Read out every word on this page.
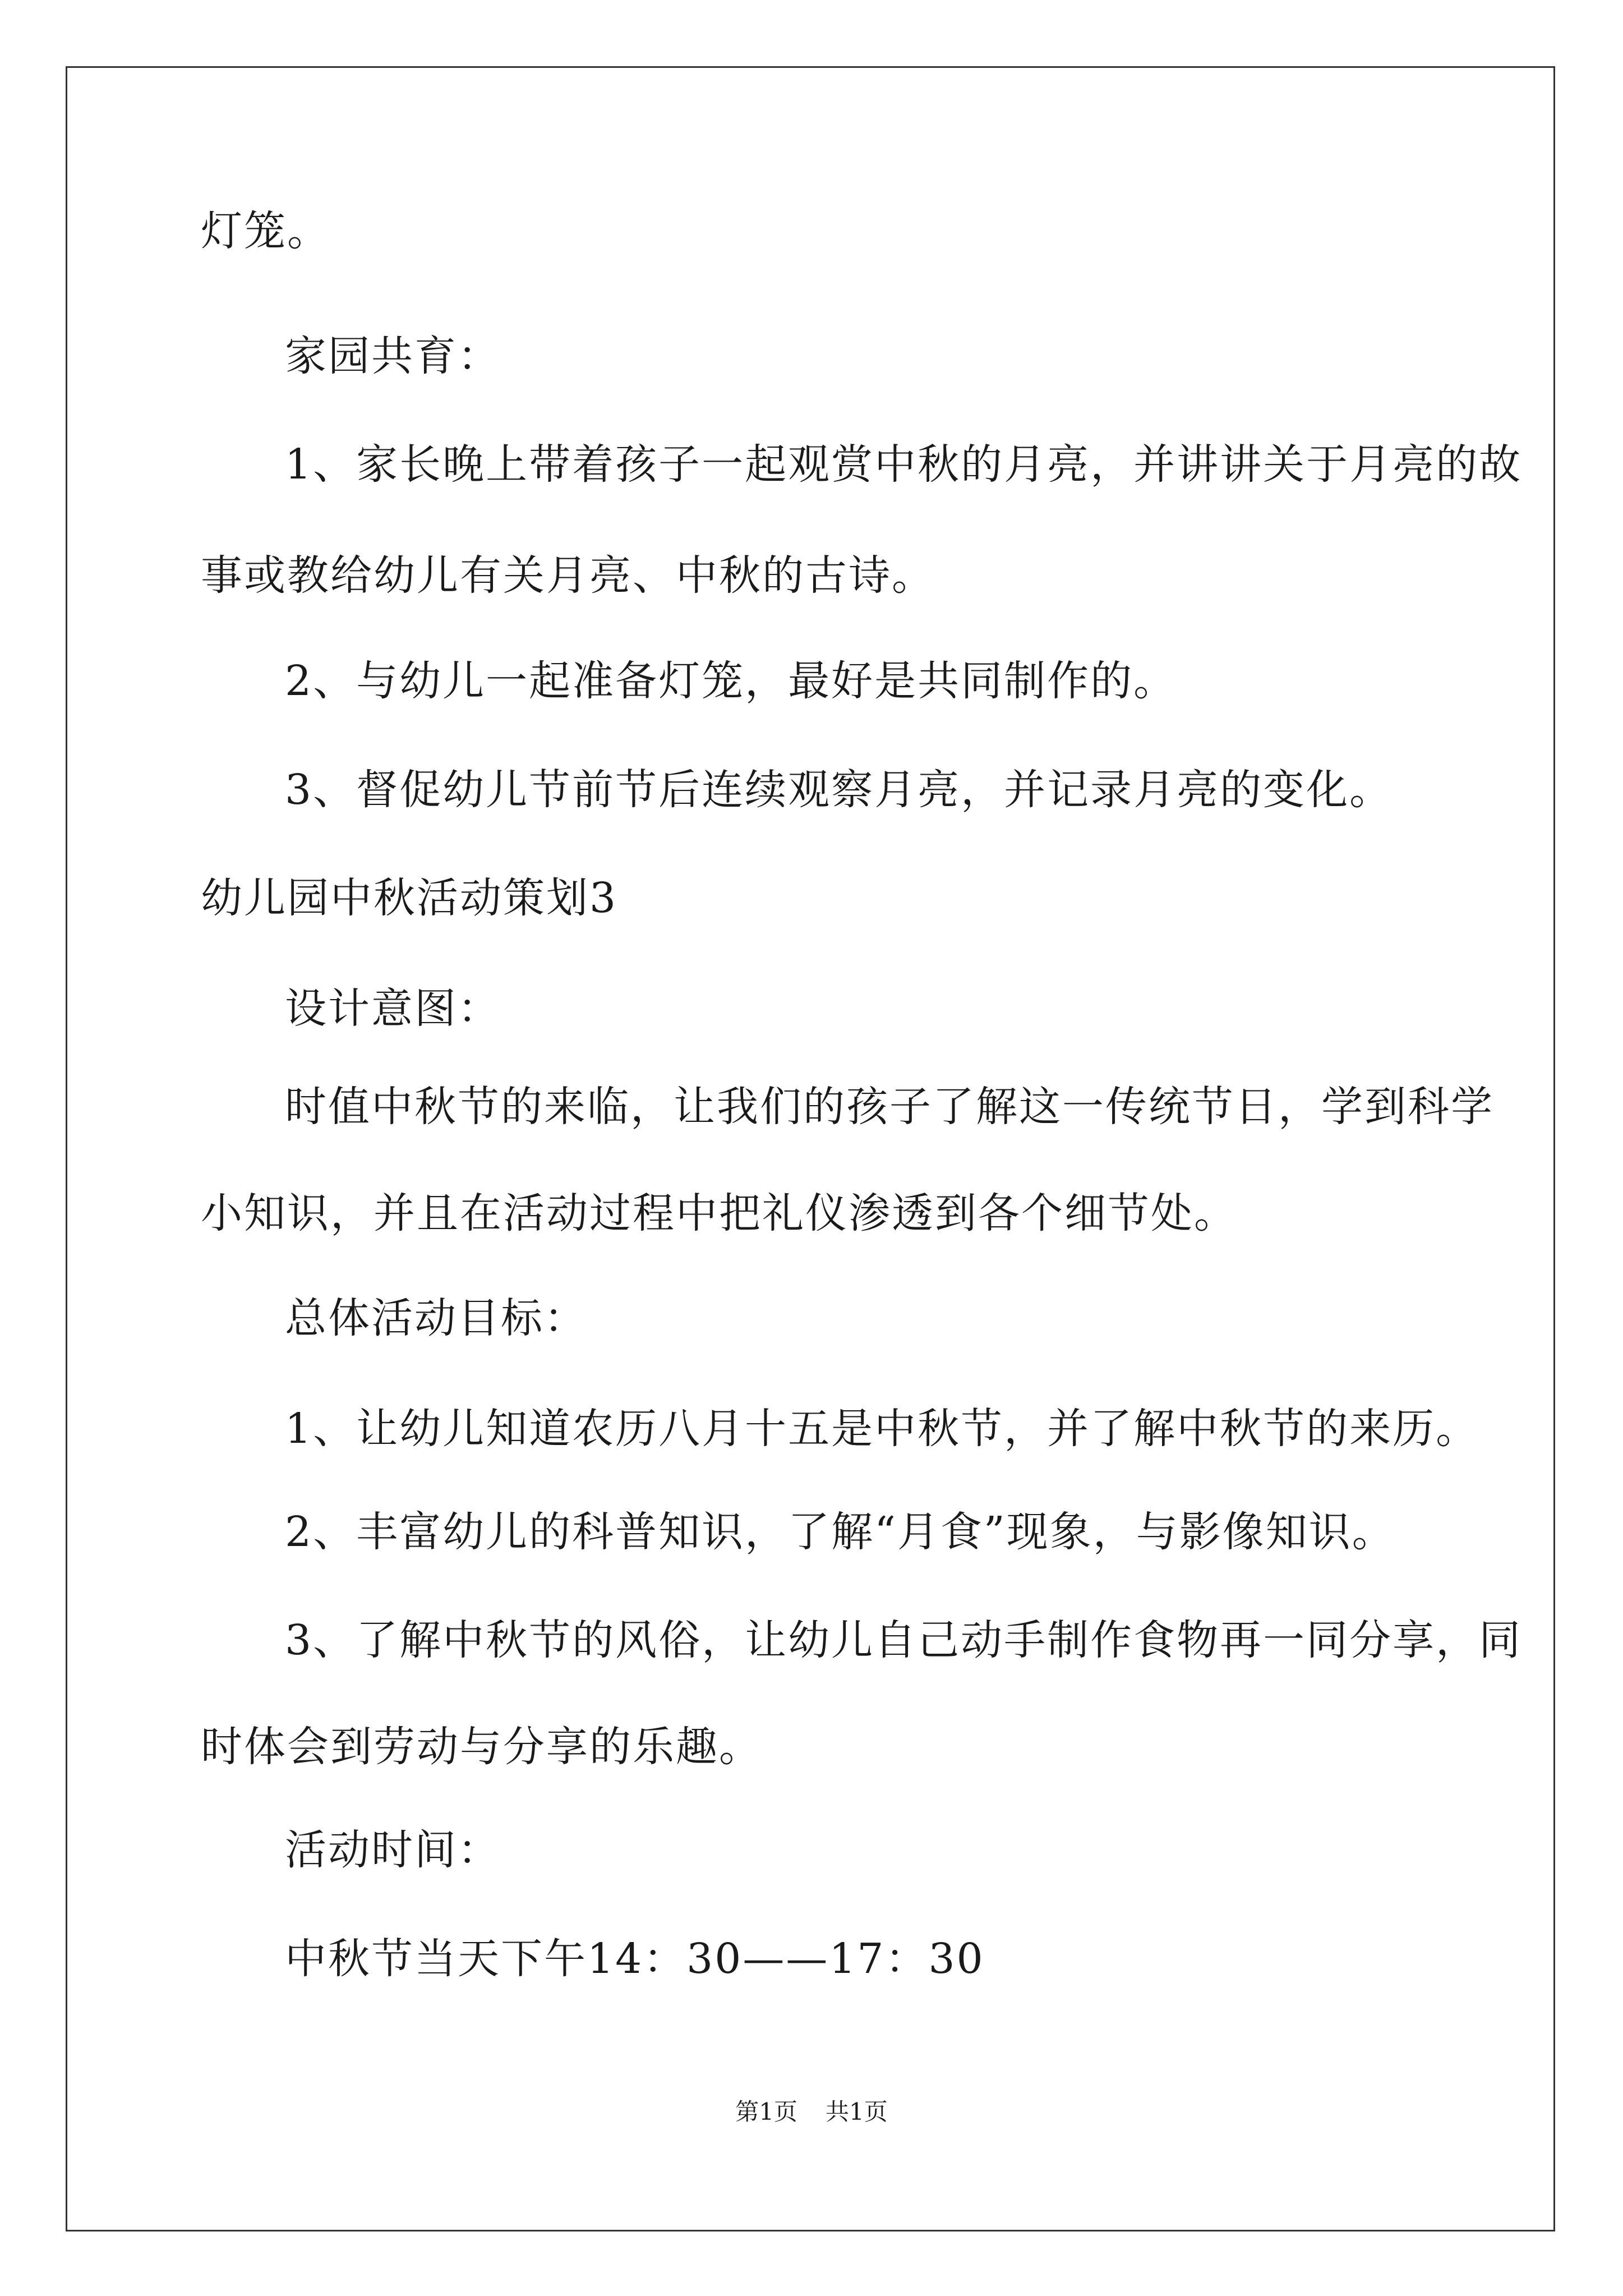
灯笼。

家园共育：

1、家长晚上带着孩子一起观赏中秋的月亮，并讲讲关于月亮的故

事或教给幼儿有关月亮、中秋的古诗。

2、与幼儿一起准备灯笼，最好是共同制作的。

3、督促幼儿节前节后连续观察月亮，并记录月亮的变化。

幼儿园中秋活动策划3

设计意图：

时值中秋节的来临，让我们的孩子了解这一传统节日，学到科学

小知识，并且在活动过程中把礼仪渗透到各个细节处。

总体活动目标：

1、让幼儿知道农历八月十五是中秋节，并了解中秋节的来历。

2、丰富幼儿的科普知识，了解“月食”现象，与影像知识。

3、了解中秋节的风俗，让幼儿自己动手制作食物再一同分享，同

时体会到劳动与分享的乐趣。

活动时间：

中秋节当天下午14：30——17：30

第1页 共1页
